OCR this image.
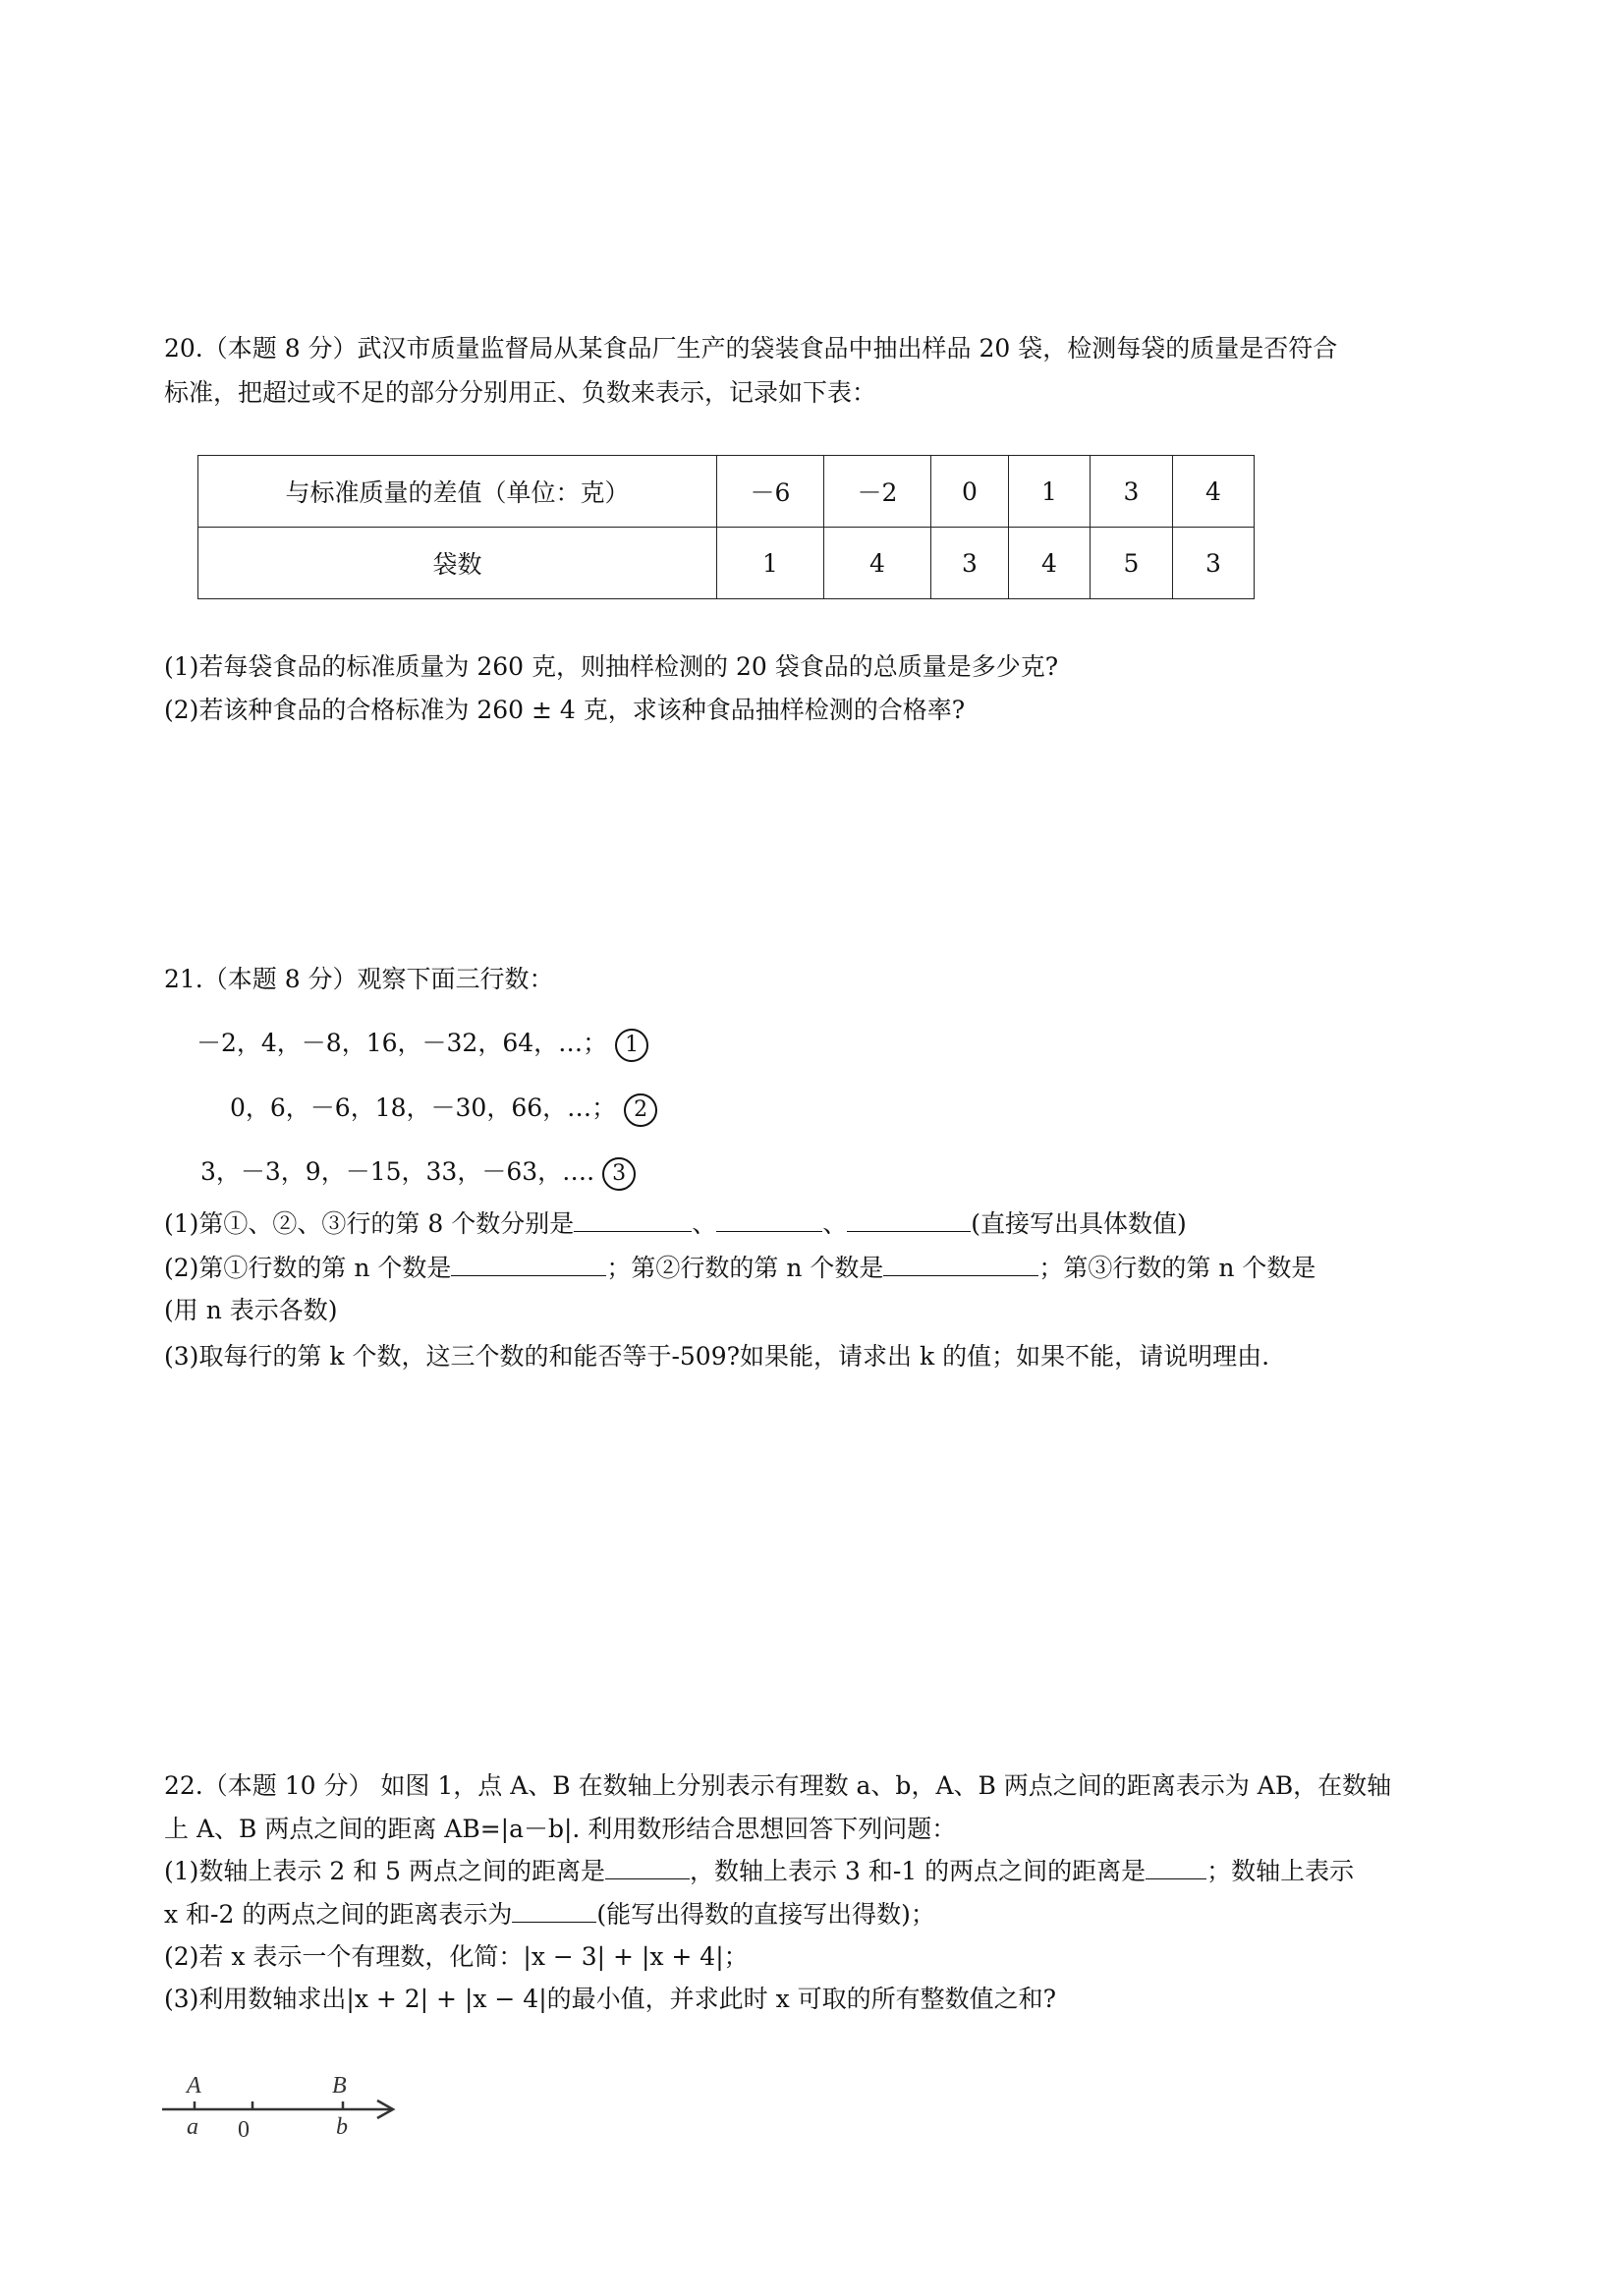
20.（本题 8 分）武汉市质量监督局从某食品厂生产的袋装食品中抽出样品 20 袋，检测每袋的质量是否符合
标准，把超过或不足的部分分别用正、负数来表示，记录如下表：
与标准质量的差值（单位：克）	－6	－2	0	1	3	4
袋数	1	4	3	4	5	3
(1)若每袋食品的标准质量为 260 克，则抽样检测的 20 袋食品的总质量是多少克?
(2)若该种食品的合格标准为 260 ± 4 克，求该种食品抽样检测的合格率?
21.（本题 8 分）观察下面三行数：
－2，4，－8，16，－32，64，…； 1
0，6，－6，18，－30，66，…； 2
3，－3，9，－15，33，－63，…. 3
(1)第①、②、③行的第 8 个数分别是	、	、	(直接写出具体数值)
(2)第①行数的第 n 个数是	；第②行数的第 n 个数是	；第③行数的第 n 个数是
(用 n 表示各数)
(3)取每行的第 k 个数，这三个数的和能否等于-509?如果能，请求出 k 的值；如果不能，请说明理由.
22.（本题 10 分） 如图 1，点 A、B 在数轴上分别表示有理数 a、b，A、B 两点之间的距离表示为 AB，在数轴
上 A、B 两点之间的距离 AB=|a－b|. 利用数形结合思想回答下列问题：
(1)数轴上表示 2 和 5 两点之间的距离是	，数轴上表示 3 和-1 的两点之间的距离是 ；数轴上表示
x 和-2 的两点之间的距离表示为	(能写出得数的直接写出得数)；
(2)若 x 表示一个有理数，化简：|x − 3| + |x + 4|；
(3)利用数轴求出|x + 2| + |x − 4|的最小值，并求此时 x 可取的所有整数值之和?
A	B
a 0	b
